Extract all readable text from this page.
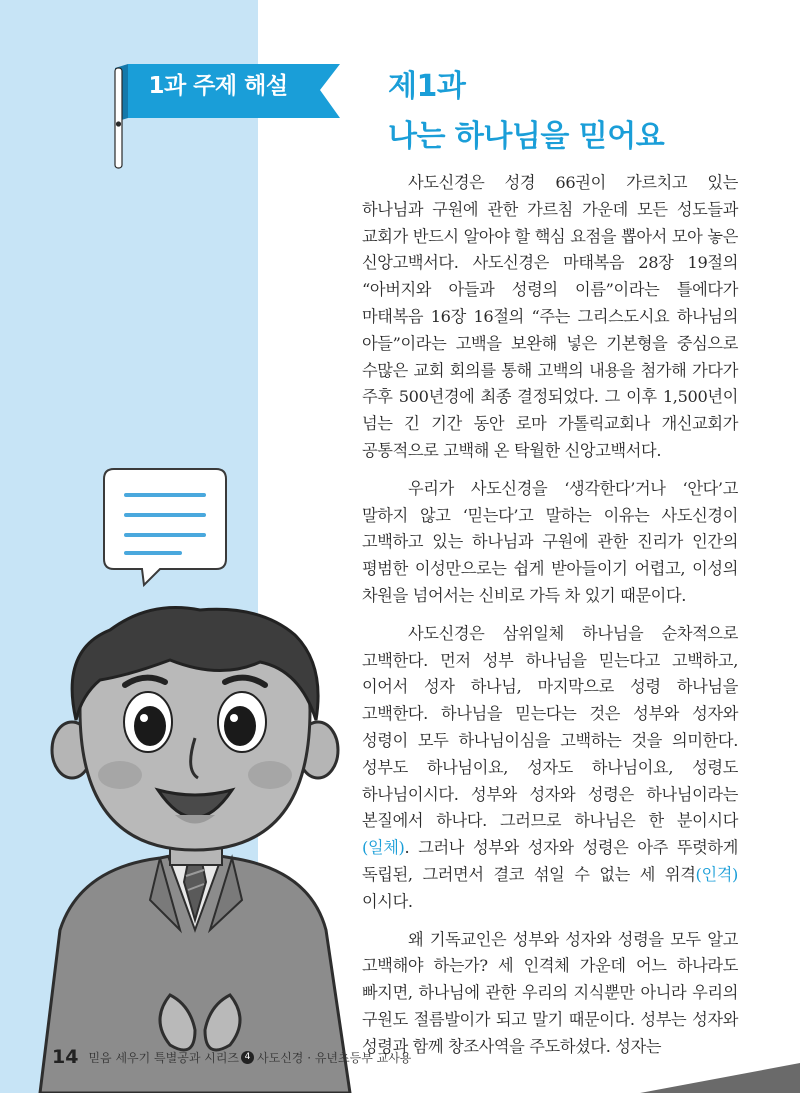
1과 주제 해설	제1과
나는 하나님을 믿어요

사도신경은 성경 66권이 가르치고 있는 하나님과 구원에 관한 가르침 가운데 모든 성도들과 교회가 반드시 알아야 할 핵심 요점을 뽑아서 모아 놓은 신앙고백서다. 사도신경은 마태복음 28장 19절의 “아버지와 아들과 성령의 이름”이라는 틀에다가 마태복음 16장 16절의 “주는 그리스도시요 하나님의 아들”이라는 고백을 보완해 넣은 기본형을 중심으로 수많은 교회 회의를 통해 고백의 내용을 첨가해 가다가 주후 500년경에 최종 결정되었다. 그 이후 1,500년이 넘는 긴 기간 동안 로마 가톨릭교회나 개신교회가 공통적으로 고백해 온 탁월한 신앙고백서다.

우리가 사도신경을 ‘생각한다’거나 ‘안다’고 말하지 않고 ‘믿는다’고 말하는 이유는 사도신경이 고백하고 있는 하나님과 구원에 관한 진리가 인간의 평범한 이성만으로는 쉽게 받아들이기 어렵고, 이성의 차원을 넘어서는 신비로 가득 차 있기 때문이다.

사도신경은 삼위일체 하나님을 순차적으로 고백한다. 먼저 성부 하나님을 믿는다고 고백하고, 이어서 성자 하나님, 마지막으로 성령 하나님을 고백한다. 하나님을 믿는다는 것은 성부와 성자와 성령이 모두 하나님이심을 고백하는 것을 의미한다. 성부도 하나님이요, 성자도 하나님이요, 성령도 하나님이시다. 성부와 성자와 성령은 하나님이라는 본질에서 하나다. 그러므로 하나님은 한 분이시다(일체). 그러나 성부와 성자와 성령은 아주 뚜렷하게 독립된, 그러면서 결코 섞일 수 없는 세 위격(인격)이시다.

왜 기독교인은 성부와 성자와 성령을 모두 알고 고백해야 하는가? 세 인격체 가운데 어느 하나라도 빠지면, 하나님에 관한 우리의 지식뿐만 아니라 우리의 구원도 절름발이가 되고 말기 때문이다. 성부는 성자와 성령과 함께 창조사역을 주도하셨다. 성자는

14 믿음 세우기 특별공과 시리즈 4 사도신경 · 유년초등부 교사용
